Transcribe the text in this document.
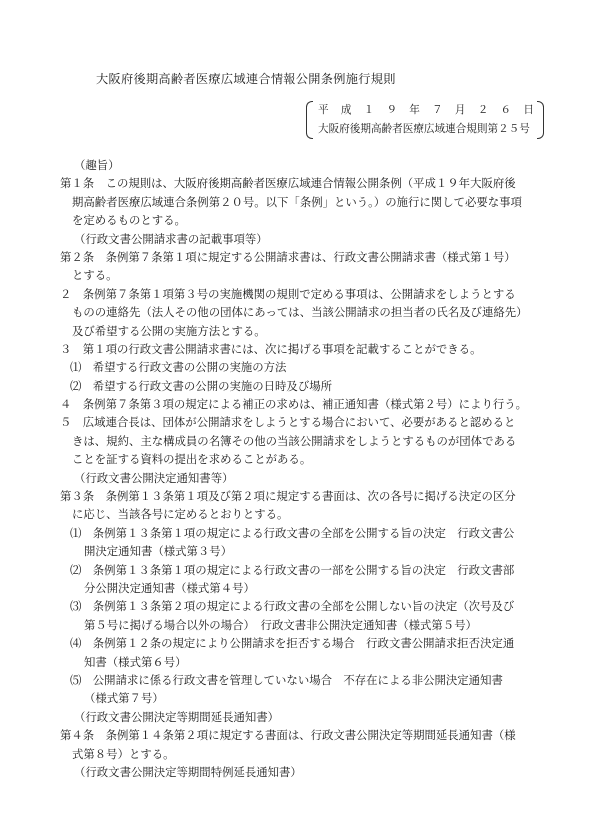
大阪府後期高齢者医療広域連合情報公開条例施行規則
平 成 １ ９ 年 ７ 月 ２ ６ 日
大阪府後期高齢者医療広域連合規則第２５号
（趣旨）
第１条　この規則は、大阪府後期高齢者医療広域連合情報公開条例（平成１９年大阪府後
期高齢者医療広域連合条例第２０号。以下「条例」という。）の施行に関して必要な事項
を定めるものとする。
（行政文書公開請求書の記載事項等）
第２条　条例第７条第１項に規定する公開請求書は、行政文書公開請求書（様式第１号）
とする。
２　条例第７条第１項第３号の実施機関の規則で定める事項は、公開請求をしようとする
ものの連絡先（法人その他の団体にあっては、当該公開請求の担当者の氏名及び連絡先）
及び希望する公開の実施方法とする。
３　第１項の行政文書公開請求書には、次に掲げる事項を記載することができる。
⑴　希望する行政文書の公開の実施の方法
⑵　希望する行政文書の公開の実施の日時及び場所
４　条例第７条第３項の規定による補正の求めは、補正通知書（様式第２号）により行う。
５　広域連合長は、団体が公開請求をしようとする場合において、必要があると認めると
きは、規約、主な構成員の名簿その他の当該公開請求をしようとするものが団体である
ことを証する資料の提出を求めることがある。
（行政文書公開決定通知書等）
第３条　条例第１３条第１項及び第２項に規定する書面は、次の各号に掲げる決定の区分
に応じ、当該各号に定めるとおりとする。
⑴　条例第１３条第１項の規定による行政文書の全部を公開する旨の決定　行政文書公
開決定通知書（様式第３号）
⑵　条例第１３条第１項の規定による行政文書の一部を公開する旨の決定　行政文書部
分公開決定通知書（様式第４号）
⑶　条例第１３条第２項の規定による行政文書の全部を公開しない旨の決定（次号及び
第５号に掲げる場合以外の場合）　行政文書非公開決定通知書（様式第５号）
⑷　条例第１２条の規定により公開請求を拒否する場合　行政文書公開請求拒否決定通
知書（様式第６号）
⑸　公開請求に係る行政文書を管理していない場合　不存在による非公開決定通知書
（様式第７号）
（行政文書公開決定等期間延長通知書）
第４条　条例第１４条第２項に規定する書面は、行政文書公開決定等期間延長通知書（様
式第８号）とする。
（行政文書公開決定等期間特例延長通知書）
